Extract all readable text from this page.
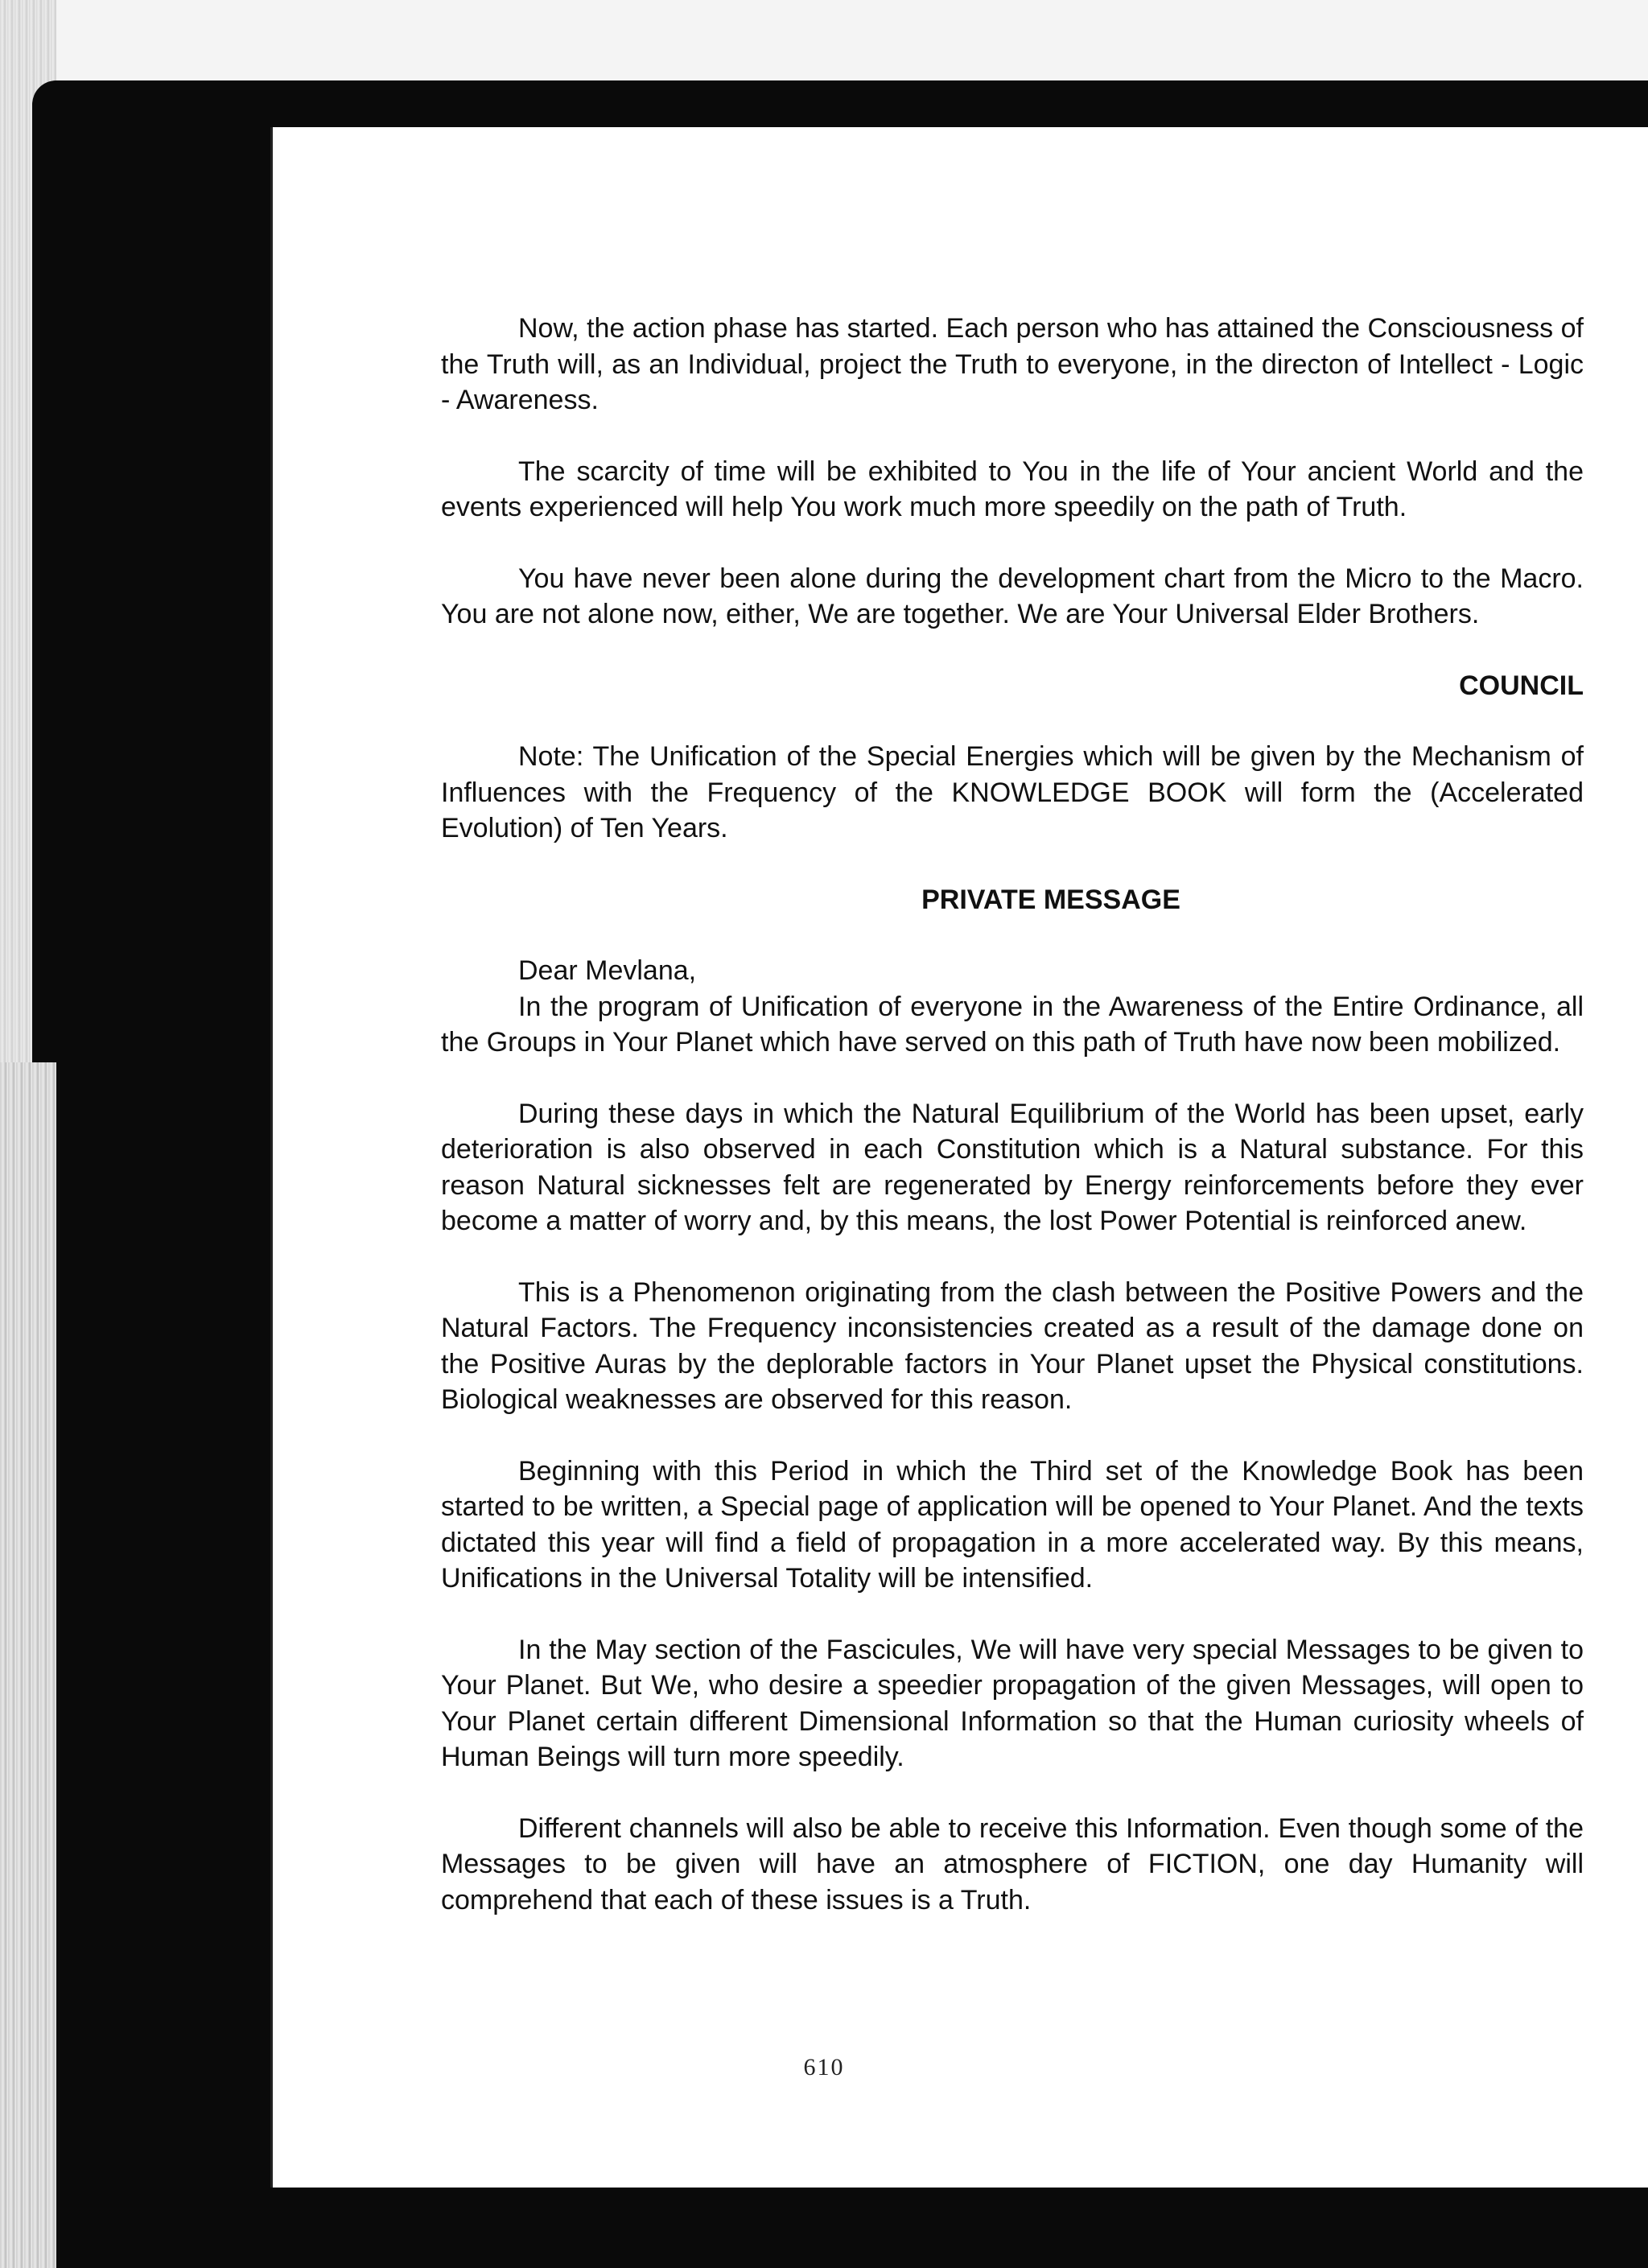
Now, the action phase has started. Each person who has attained the Consciousness of the Truth will, as an Individual, project the Truth to everyone, in the directon of Intellect - Logic - Awareness.

The scarcity of time will be exhibited to You in the life of Your ancient World and the events experienced will help You work much more speedily on the path of Truth.

You have never been alone during the development chart from the Micro to the Macro. You are not alone now, either, We are together. We are Your Universal Elder Brothers.

COUNCIL

Note: The Unification of the Special Energies which will be given by the Mechanism of Influences with the Frequency of the KNOWLEDGE BOOK will form the (Accelerated Evolution) of Ten Years.

PRIVATE MESSAGE

Dear Mevlana,

In the program of Unification of everyone in the Awareness of the Entire Ordinance, all the Groups in Your Planet which have served on this path of Truth have now been mobilized.

During these days in which the Natural Equilibrium of the World has been upset, early deterioration is also observed in each Constitution which is a Natural substance. For this reason Natural sicknesses felt are regenerated by Energy reinforcements before they ever become a matter of worry and, by this means, the lost Power Potential is reinforced anew.

This is a Phenomenon originating from the clash between the Positive Powers and the Natural Factors. The Frequency inconsistencies created as a result of the damage done on the Positive Auras by the deplorable factors in Your Planet upset the Physical constitutions. Biological weaknesses are observed for this reason.

Beginning with this Period in which the Third set of the Knowledge Book has been started to be written, a Special page of application will be opened to Your Planet. And the texts dictated this year will find a field of propagation in a more accelerated way. By this means, Unifications in the Universal Totality will be intensified.

In the May section of the Fascicules, We will have very special Messages to be given to Your Planet. But We, who desire a speedier propagation of the given Messages, will open to Your Planet certain different Dimensional Information so that the Human curiosity wheels of Human Beings will turn more speedily.

Different channels will also be able to receive this Information. Even though some of the Messages to be given will have an atmosphere of FICTION, one day Humanity will comprehend that each of these issues is a Truth.

610
